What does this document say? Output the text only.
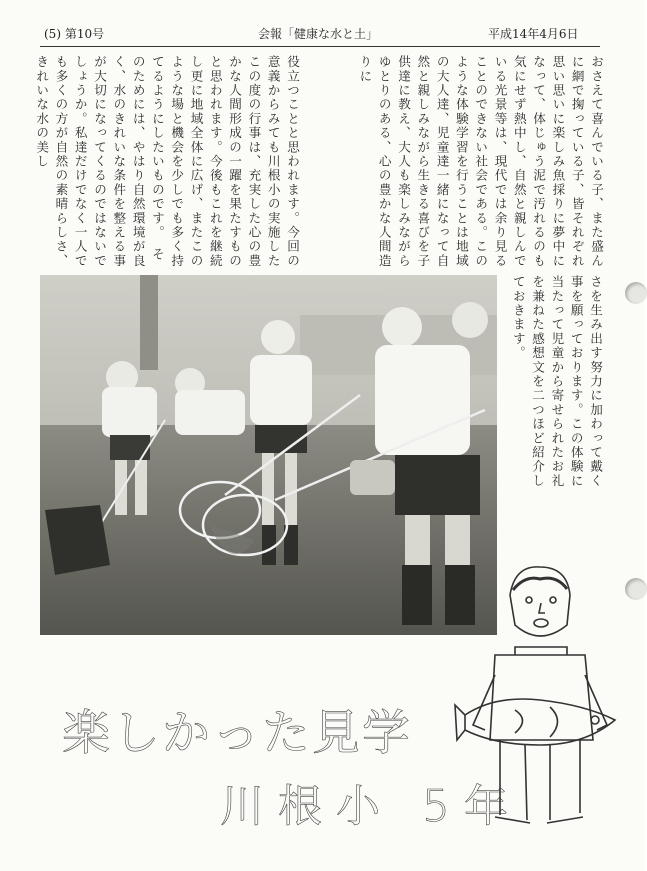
(5) 第10号	会報「健康な水と土」	平成14年4月6日
おさえて喜んでいる子、また盛んに網で掬っている子、皆それぞれ思い思いに楽しみ魚採りに夢中になって、体じゅう泥で汚れるのも気にせず熱中し、自然と親しんでいる光景等は、現代では余り見ることのできない社会である。このような体験学習を行うことは地域の大人達、児童達一緒になって自然と親しみながら生きる喜びを子供達に教え、大人も楽しみながらゆとりのある、心の豊かな人間造りに
役立つことと思われます。今回の意義からみても川根小の実施したこの度の行事は、充実した心の豊かな人間形成の一躍を果たすものと思われます。今後もこれを継続し更に地域全体に広げ、またこのような場と機会を少しでも多く持てるようにしたいものです。　そのためには、やはり自然環境が良く、水のきれいな条件を整える事が大切になってくるのではないでしょうか。私達だけでなく一人でも多くの方が自然の素晴らしさ、きれいな水の美し
さを生み出す努力に加わって戴く事を願っております。この体験に当たって児童から寄せられたお礼を兼ねた感想文を二つほど紹介しておきます。
楽しかった見学
川根小 5年
